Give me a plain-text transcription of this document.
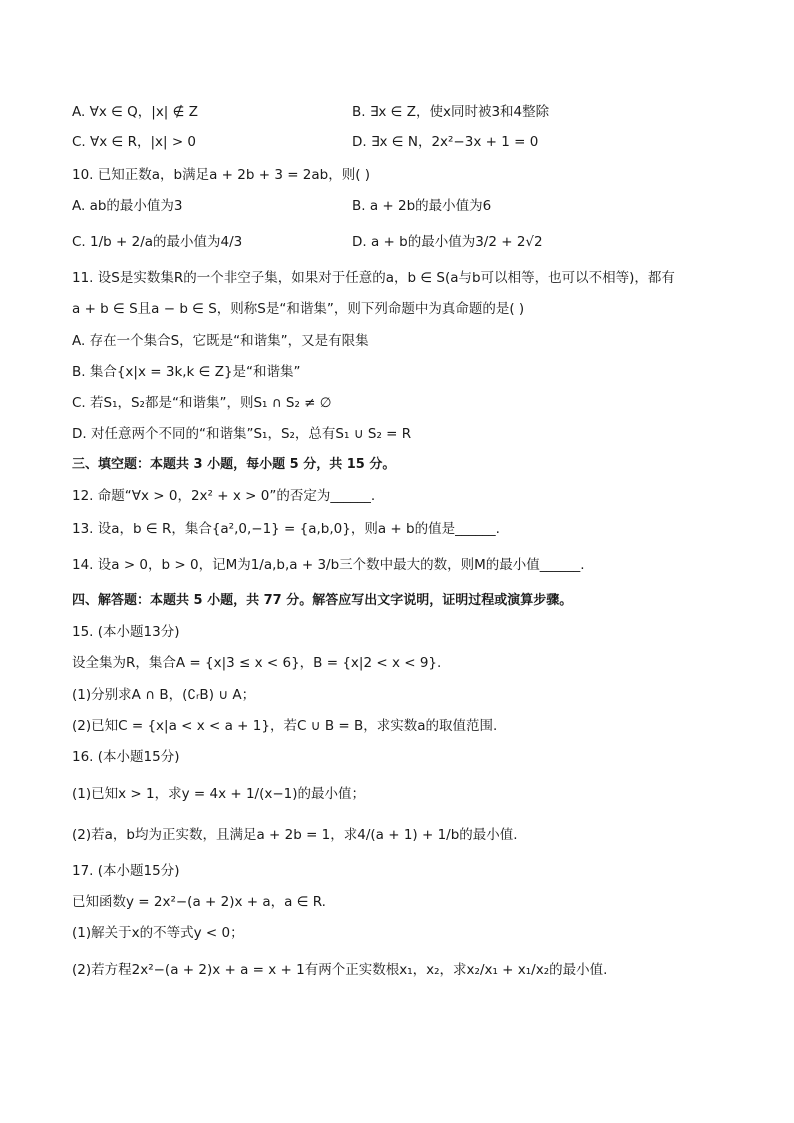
A. ∀x ∈ Q，|x| ∉ Z	B. ∃x ∈ Z，使x同时被3和4整除
C. ∀x ∈ R，|x| > 0	D. ∃x ∈ N，2x²−3x + 1 = 0
10. 已知正数a，b满足a + 2b + 3 = 2ab，则( )
A. ab的最小值为3	B. a + 2b的最小值为6
C. 1/b + 2/a的最小值为4/3	D. a + b的最小值为3/2 + 2√2
11. 设S是实数集R的一个非空子集，如果对于任意的a，b ∈ S(a与b可以相等，也可以不相等)，都有
a + b ∈ S且a − b ∈ S，则称S是“和谐集”，则下列命题中为真命题的是( )
A. 存在一个集合S，它既是“和谐集”，又是有限集
B. 集合{x|x = 3k,k ∈ Z}是“和谐集”
C. 若S₁，S₂都是“和谐集”，则S₁ ∩ S₂ ≠ ∅
D. 对任意两个不同的“和谐集”S₁，S₂，总有S₁ ∪ S₂ = R
三、填空题：本题共 3 小题，每小题 5 分，共 15 分。
12. 命题“∀x > 0，2x² + x > 0”的否定为______.
13. 设a，b ∈ R，集合{a²,0,−1} = {a,b,0}，则a + b的值是______.
14. 设a > 0，b > 0，记M为1/a,b,a + 3/b三个数中最大的数，则M的最小值______.
四、解答题：本题共 5 小题，共 77 分。解答应写出文字说明，证明过程或演算步骤。
15. (本小题13分)
设全集为R，集合A = {x|3 ≤ x < 6}，B = {x|2 < x < 9}.
(1)分别求A ∩ B，(∁ᵣB) ∪ A；
(2)已知C = {x|a < x < a + 1}，若C ∪ B = B，求实数a的取值范围.
16. (本小题15分)
(1)已知x > 1，求y = 4x + 1/(x−1)的最小值；
(2)若a，b均为正实数，且满足a + 2b = 1，求4/(a + 1) + 1/b的最小值.
17. (本小题15分)
已知函数y = 2x²−(a + 2)x + a，a ∈ R.
(1)解关于x的不等式y < 0；
(2)若方程2x²−(a + 2)x + a = x + 1有两个正实数根x₁，x₂，求x₂/x₁ + x₁/x₂的最小值.
